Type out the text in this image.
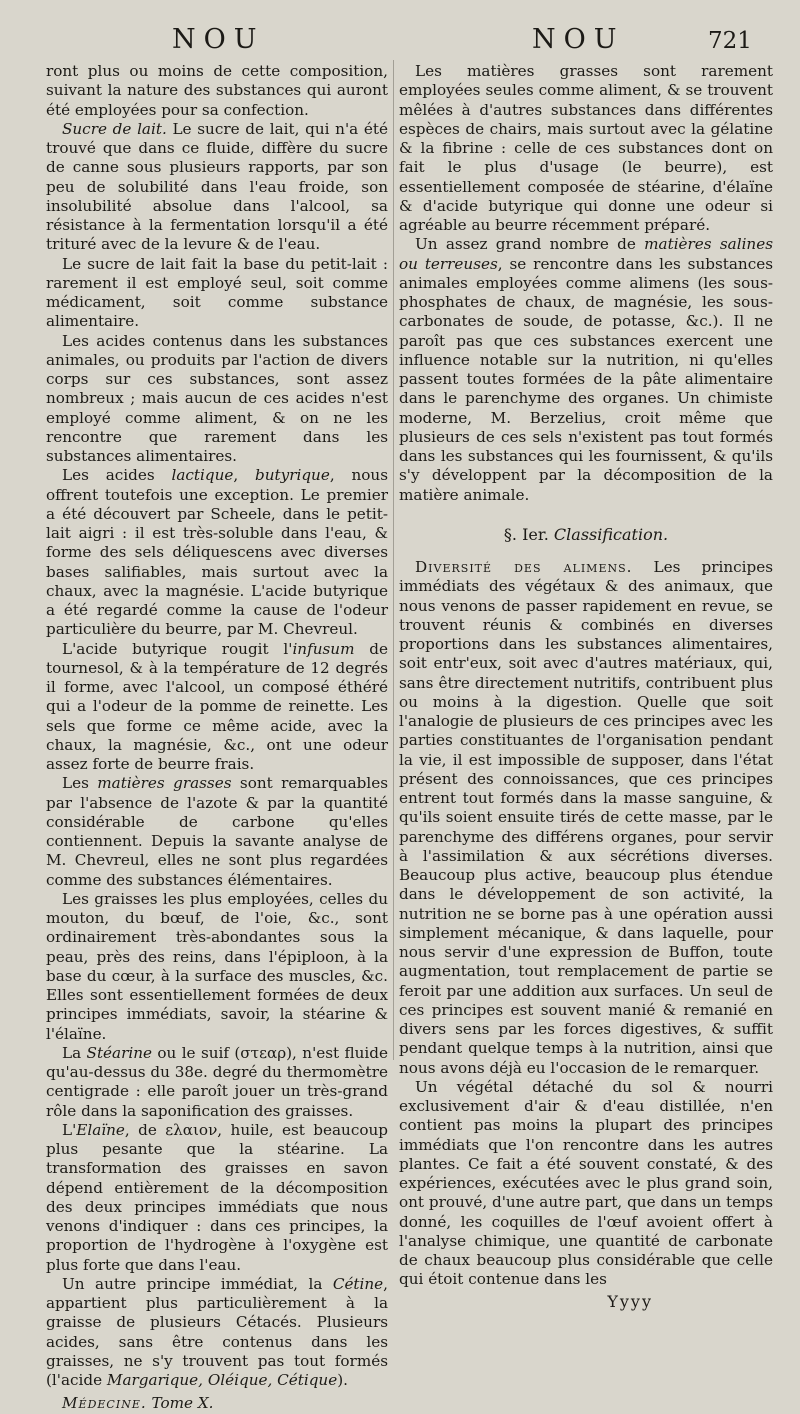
NOU	NOU	721

ront plus ou moins de cette composition, suivant la nature des substances qui auront été employées pour sa confection.

Sucre de lait. Le sucre de lait, qui n'a été trouvé que dans ce fluide, diffère du sucre de canne sous plusieurs rapports, par son peu de solubilité dans l'eau froide, son insolubilité absolue dans l'alcool, sa résistance à la fermentation lorsqu'il a été trituré avec de la levure & de l'eau.

Le sucre de lait fait la base du petit-lait : rarement il est employé seul, soit comme médicament, soit comme substance alimentaire.

Les acides contenus dans les substances animales, ou produits par l'action de divers corps sur ces substances, sont assez nombreux ; mais aucun de ces acides n'est employé comme aliment, & on ne les rencontre que rarement dans les substances alimentaires.

Les acides lactique, butyrique, nous offrent toutefois une exception. Le premier a été découvert par Scheele, dans le petit-lait aigri : il est très-soluble dans l'eau, & forme des sels déliquescens avec diverses bases salifiables, mais surtout avec la chaux, avec la magnésie. L'acide butyrique a été regardé comme la cause de l'odeur particulière du beurre, par M. Chevreul.

L'acide butyrique rougit l'infusum de tournesol, & à la température de 12 degrés il forme, avec l'alcool, un composé éthéré qui a l'odeur de la pomme de reinette. Les sels que forme ce même acide, avec la chaux, la magnésie, &c., ont une odeur assez forte de beurre frais.

Les matières grasses sont remarquables par l'absence de l'azote & par la quantité considérable de carbone qu'elles contiennent. Depuis la savante analyse de M. Chevreul, elles ne sont plus regardées comme des substances élémentaires.

Les graisses les plus employées, celles du mouton, du bœuf, de l'oie, &c., sont ordinairement très-abondantes sous la peau, près des reins, dans l'épiploon, à la base du cœur, à la surface des muscles, &c. Elles sont essentiellement formées de deux principes immédiats, savoir, la stéarine & l'élaïne.

La Stéarine ou le suif (στεαρ), n'est fluide qu'au-dessus du 38e. degré du thermomètre centigrade : elle paroît jouer un très-grand rôle dans la saponification des graisses.

L'Elaïne, de ελαιον, huile, est beaucoup plus pesante que la stéarine. La transformation des graisses en savon dépend entièrement de la décomposition des deux principes immédiats que nous venons d'indiquer : dans ces principes, la proportion de l'hydrogène à l'oxygène est plus forte que dans l'eau.

Un autre principe immédiat, la Cétine, appartient plus particulièrement à la graisse de plusieurs Cétacés. Plusieurs acides, sans être contenus dans les graisses, ne s'y trouvent pas tout formés (l'acide Margarique, Oléique, Cétique).

Médecine. Tome X.

Les matières grasses sont rarement employées seules comme aliment, & se trouvent mêlées à d'autres substances dans différentes espèces de chairs, mais surtout avec la gélatine & la fibrine : celle de ces substances dont on fait le plus d'usage (le beurre), est essentiellement composée de stéarine, d'élaïne & d'acide butyrique qui donne une odeur si agréable au beurre récemment préparé.

Un assez grand nombre de matières salines ou terreuses, se rencontre dans les substances animales employées comme alimens (les sous-phosphates de chaux, de magnésie, les sous-carbonates de soude, de potasse, &c.). Il ne paroît pas que ces substances exercent une influence notable sur la nutrition, ni qu'elles passent toutes formées de la pâte alimentaire dans le parenchyme des organes. Un chimiste moderne, M. Berzelius, croit même que plusieurs de ces sels n'existent pas tout formés dans les substances qui les fournissent, & qu'ils s'y développent par la décomposition de la matière animale.

§. Ier. Classification.

Diversité des alimens. Les principes immédiats des végétaux & des animaux, que nous venons de passer rapidement en revue, se trouvent réunis & combinés en diverses proportions dans les substances alimentaires, soit entr'eux, soit avec d'autres matériaux, qui, sans être directement nutritifs, contribuent plus ou moins à la digestion. Quelle que soit l'analogie de plusieurs de ces principes avec les parties constituantes de l'organisation pendant la vie, il est impossible de supposer, dans l'état présent des connoissances, que ces principes entrent tout formés dans la masse sanguine, & qu'ils soient ensuite tirés de cette masse, par le parenchyme des différens organes, pour servir à l'assimilation & aux sécrétions diverses. Beaucoup plus active, beaucoup plus étendue dans le développement de son activité, la nutrition ne se borne pas à une opération aussi simplement mécanique, & dans laquelle, pour nous servir d'une expression de Buffon, toute augmentation, tout remplacement de partie se feroit par une addition aux surfaces. Un seul de ces principes est souvent manié & remanié en divers sens par les forces digestives, & suffit pendant quelque temps à la nutrition, ainsi que nous avons déjà eu l'occasion de le remarquer.

Un végétal détaché du sol & nourri exclusivement d'air & d'eau distillée, n'en contient pas moins la plupart des principes immédiats que l'on rencontre dans les autres plantes. Ce fait a été souvent constaté, & des expériences, exécutées avec le plus grand soin, ont prouvé, d'une autre part, que dans un temps donné, les coquilles de l'œuf avoient offert à l'analyse chimique, une quantité de carbonate de chaux beaucoup plus considérable que celle qui étoit contenue dans les

Yyyy
